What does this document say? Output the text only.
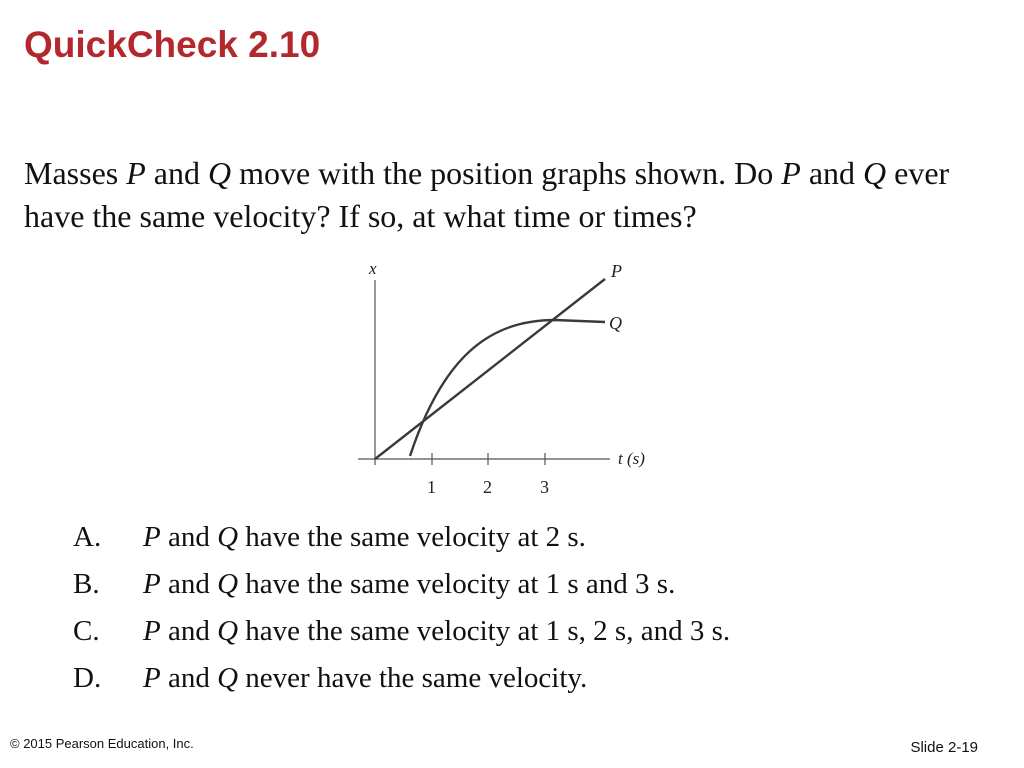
QuickCheck 2.10

Masses P and Q move with the position graphs shown. Do P and Q ever have the same velocity? If so, at what time or times?

x
t (s)
1	2	3
P
Q
A.	P and Q have the same velocity at 2 s.
B.	P and Q have the same velocity at 1 s and 3 s.
C.	P and Q have the same velocity at 1 s, 2 s, and 3 s.
D.	P and Q never have the same velocity.
© 2015 Pearson Education, Inc.	Slide 2-19
